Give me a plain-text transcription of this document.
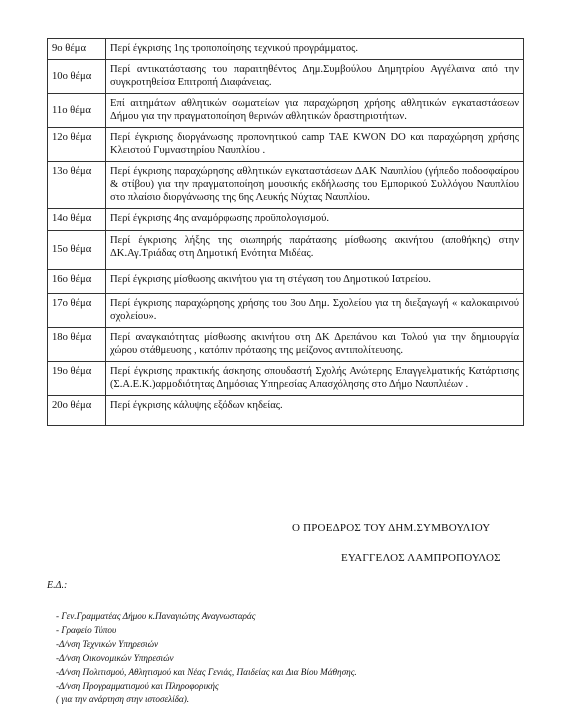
9ο θέμα	Περί έγκρισης 1ης τροποποίησης τεχνικού προγράμματος.
10ο θέμα	Περί αντικατάστασης του παραιτηθέντος Δημ.Συμβούλου Δημητρίου Αγγέλαινα από την συγκροτηθείσα Επιτροπή Διαφάνειας.
11ο θέμα	Επί αιτημάτων αθλητικών σωματείων για παραχώρηση χρήσης αθλητικών εγκαταστάσεων Δήμου για την πραγματοποίηση θερινών αθλητικών δραστηριοτήτων.
12ο θέμα	Περί έγκρισης διοργάνωσης προπονητικού camp TAE KWON DO και παραχώρηση χρήσης Κλειστού Γυμναστηρίου Ναυπλίου .
13ο θέμα	Περί έγκρισης παραχώρησης αθλητικών εγκαταστάσεων ΔΑΚ Ναυπλίου (γήπεδο ποδοσφαίρου & στίβου) για την πραγματοποίηση μουσικής εκδήλωσης του Εμπορικού Συλλόγου Ναυπλίου στο πλαίσιο διοργάνωσης της 6ης Λευκής Νύχτας Ναυπλίου.
14ο θέμα	Περί έγκρισης 4ης αναμόρφωσης προϋπολογισμού.
15ο θέμα	Περί έγκρισης λήξης της σιωπηρής παράτασης μίσθωσης ακινήτου (αποθήκης) στην ΔΚ.Αγ.Τριάδας στη Δημοτική Ενότητα Μιδέας.
16ο θέμα	Περί έγκρισης μίσθωσης ακινήτου για τη στέγαση του Δημοτικού Ιατρείου.
17ο θέμα	Περί έγκρισης παραχώρησης χρήσης του 3ου Δημ. Σχολείου για τη διεξαγωγή « καλοκαιρινού σχολείου».
18ο θέμα	Περί αναγκαιότητας μίσθωσης ακινήτου στη ΔΚ Δρεπάνου και Τολού για την δημιουργία χώρου στάθμευσης , κατόπιν πρότασης της μείζονος αντιπολίτευσης.
19ο θέμα	Περί έγκρισης πρακτικής άσκησης σπουδαστή Σχολής Ανώτερης Επαγγελματικής Κατάρτισης (Σ.Α.Ε.Κ.)αρμοδιότητας Δημόσιας Υπηρεσίας Απασχόλησης στο Δήμο Ναυπλιέων .
20ο θέμα	Περί έγκρισης κάλυψης εξόδων κηδείας.
Ο ΠΡΟΕΔΡΟΣ ΤΟΥ ΔΗΜ.ΣΥΜΒΟΥΛΙΟΥ
ΕΥΑΓΓΕΛΟΣ ΛΑΜΠΡΟΠΟΥΛΟΣ
Ε.Δ.:
- Γεν.Γραμματέας Δήμου κ.Παναγιώτης Αναγνωσταράς
- Γραφείο Τύπου
-Δ/νση Τεχνικών Υπηρεσιών
-Δ/νση Οικονομικών Υπηρεσιών
-Δ/νση Πολιτισμού, Αθλητισμού και Νέας Γενιάς, Παιδείας και Δια Βίου Μάθησης.
-Δ/νση Προγραμματισμού και Πληροφορικής
( για την ανάρτηση στην ιστοσελίδα).
